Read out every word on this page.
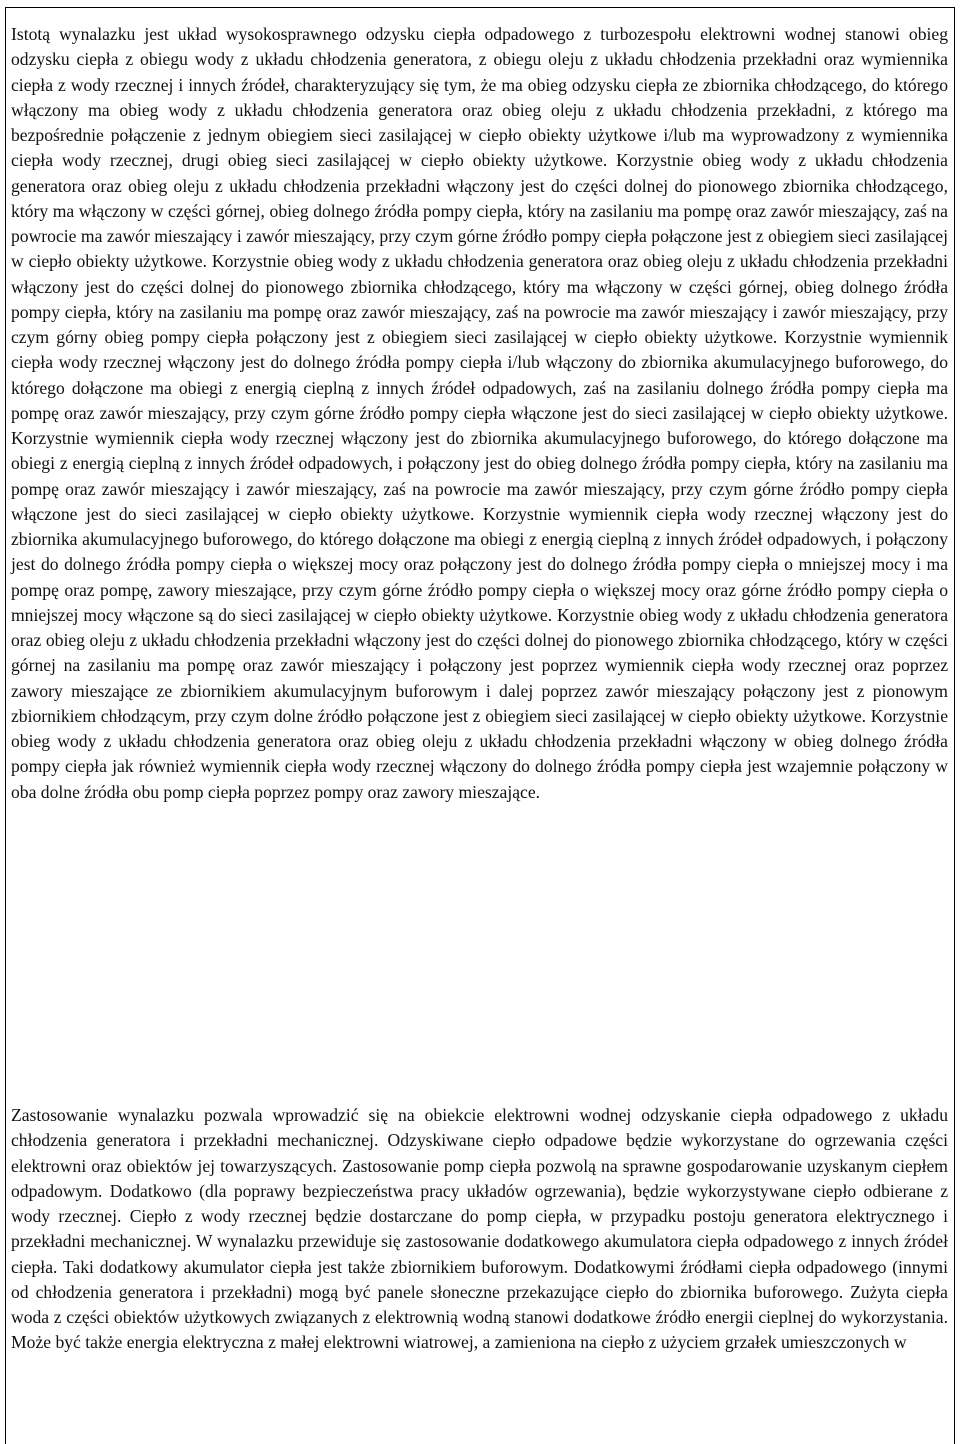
Istotą wynalazku jest układ wysokosprawnego odzysku ciepła odpadowego z turbozespołu elektrowni wodnej stanowi obieg odzysku ciepła z obiegu wody z układu chłodzenia generatora, z obiegu oleju z układu chłodzenia przekładni oraz wymiennika ciepła z wody rzecznej i innych źródeł, charakteryzujący się tym, że ma obieg odzysku ciepła ze zbiornika chłodzącego, do którego włączony ma obieg wody z układu chłodzenia generatora oraz obieg oleju z układu chłodzenia przekładni, z którego ma bezpośrednie połączenie z jednym obiegiem sieci zasilającej w ciepło obiekty użytkowe i/lub ma wyprowadzony z wymiennika ciepła wody rzecznej, drugi obieg sieci zasilającej w ciepło obiekty użytkowe. Korzystnie obieg wody z układu chłodzenia generatora oraz obieg oleju z układu chłodzenia przekładni włączony jest do części dolnej do pionowego zbiornika chłodzącego, który ma włączony w części górnej, obieg dolnego źródła pompy ciepła, który na zasilaniu ma pompę oraz zawór mieszający, zaś na powrocie ma zawór mieszający i zawór mieszający, przy czym górne źródło pompy ciepła połączone jest z obiegiem sieci zasilającej w ciepło obiekty użytkowe. Korzystnie obieg wody z układu chłodzenia generatora oraz obieg oleju z układu chłodzenia przekładni włączony jest do części dolnej do pionowego zbiornika chłodzącego, który ma włączony w części górnej, obieg dolnego źródła pompy ciepła, który na zasilaniu ma pompę oraz zawór mieszający, zaś na powrocie ma zawór mieszający i zawór mieszający, przy czym górny obieg pompy ciepła połączony jest z obiegiem sieci zasilającej w ciepło obiekty użytkowe. Korzystnie wymiennik ciepła wody rzecznej włączony jest do dolnego źródła pompy ciepła i/lub włączony do zbiornika akumulacyjnego buforowego, do którego dołączone ma obiegi z energią cieplną z innych źródeł odpadowych, zaś na zasilaniu dolnego źródła pompy ciepła ma pompę oraz zawór mieszający, przy czym górne źródło pompy ciepła włączone jest do sieci zasilającej w ciepło obiekty użytkowe. Korzystnie wymiennik ciepła wody rzecznej włączony jest do zbiornika akumulacyjnego buforowego, do którego dołączone ma obiegi z energią cieplną z innych źródeł odpadowych, i połączony jest do obieg dolnego źródła pompy ciepła, który na zasilaniu ma pompę oraz zawór mieszający i zawór mieszający, zaś na powrocie ma zawór mieszający, przy czym górne źródło pompy ciepła włączone jest do sieci zasilającej w ciepło obiekty użytkowe. Korzystnie wymiennik ciepła wody rzecznej włączony jest do zbiornika akumulacyjnego buforowego, do którego dołączone ma obiegi z energią cieplną z innych źródeł odpadowych, i połączony jest do dolnego źródła pompy ciepła o większej mocy oraz połączony jest do dolnego źródła pompy ciepła o mniejszej mocy i ma pompę oraz pompę, zawory mieszające, przy czym górne źródło pompy ciepła o większej mocy oraz górne źródło pompy ciepła o mniejszej mocy włączone są do sieci zasilającej w ciepło obiekty użytkowe. Korzystnie obieg wody z układu chłodzenia generatora oraz obieg oleju z układu chłodzenia przekładni włączony jest do części dolnej do pionowego zbiornika chłodzącego, który w części górnej na zasilaniu ma pompę oraz zawór mieszający i połączony jest poprzez wymiennik ciepła wody rzecznej oraz poprzez zawory mieszające ze zbiornikiem akumulacyjnym buforowym i dalej poprzez zawór mieszający połączony jest z pionowym zbiornikiem chłodzącym, przy czym dolne źródło połączone jest z obiegiem sieci zasilającej w ciepło obiekty użytkowe. Korzystnie obieg wody z układu chłodzenia generatora oraz obieg oleju z układu chłodzenia przekładni włączony w obieg dolnego źródła pompy ciepła jak również wymiennik ciepła wody rzecznej włączony do dolnego źródła pompy ciepła jest wzajemnie połączony w oba dolne źródła obu pomp ciepła poprzez pompy oraz zawory mieszające.

Zastosowanie wynalazku pozwala wprowadzić się na obiekcie elektrowni wodnej odzyskanie ciepła odpadowego z układu chłodzenia generatora i przekładni mechanicznej. Odzyskiwane ciepło odpadowe będzie wykorzystane do ogrzewania części elektrowni oraz obiektów jej towarzyszących. Zastosowanie pomp ciepła pozwolą na sprawne gospodarowanie uzyskanym ciepłem odpadowym. Dodatkowo (dla poprawy bezpieczeństwa pracy układów ogrzewania), będzie wykorzystywane ciepło odbierane z wody rzecznej. Ciepło z wody rzecznej będzie dostarczane do pomp ciepła, w przypadku postoju generatora elektrycznego i przekładni mechanicznej. W wynalazku przewiduje się zastosowanie dodatkowego akumulatora ciepła odpadowego z innych źródeł ciepła. Taki dodatkowy akumulator ciepła jest także zbiornikiem buforowym. Dodatkowymi źródłami ciepła odpadowego (innymi od chłodzenia generatora i przekładni) mogą być panele słoneczne przekazujące ciepło do zbiornika buforowego. Zużyta ciepła woda z części obiektów użytkowych związanych z elektrownią wodną stanowi dodatkowe źródło energii cieplnej do wykorzystania. Może być także energia elektryczna z małej elektrowni wiatrowej, a zamieniona na ciepło z użyciem grzałek umieszczonych w
